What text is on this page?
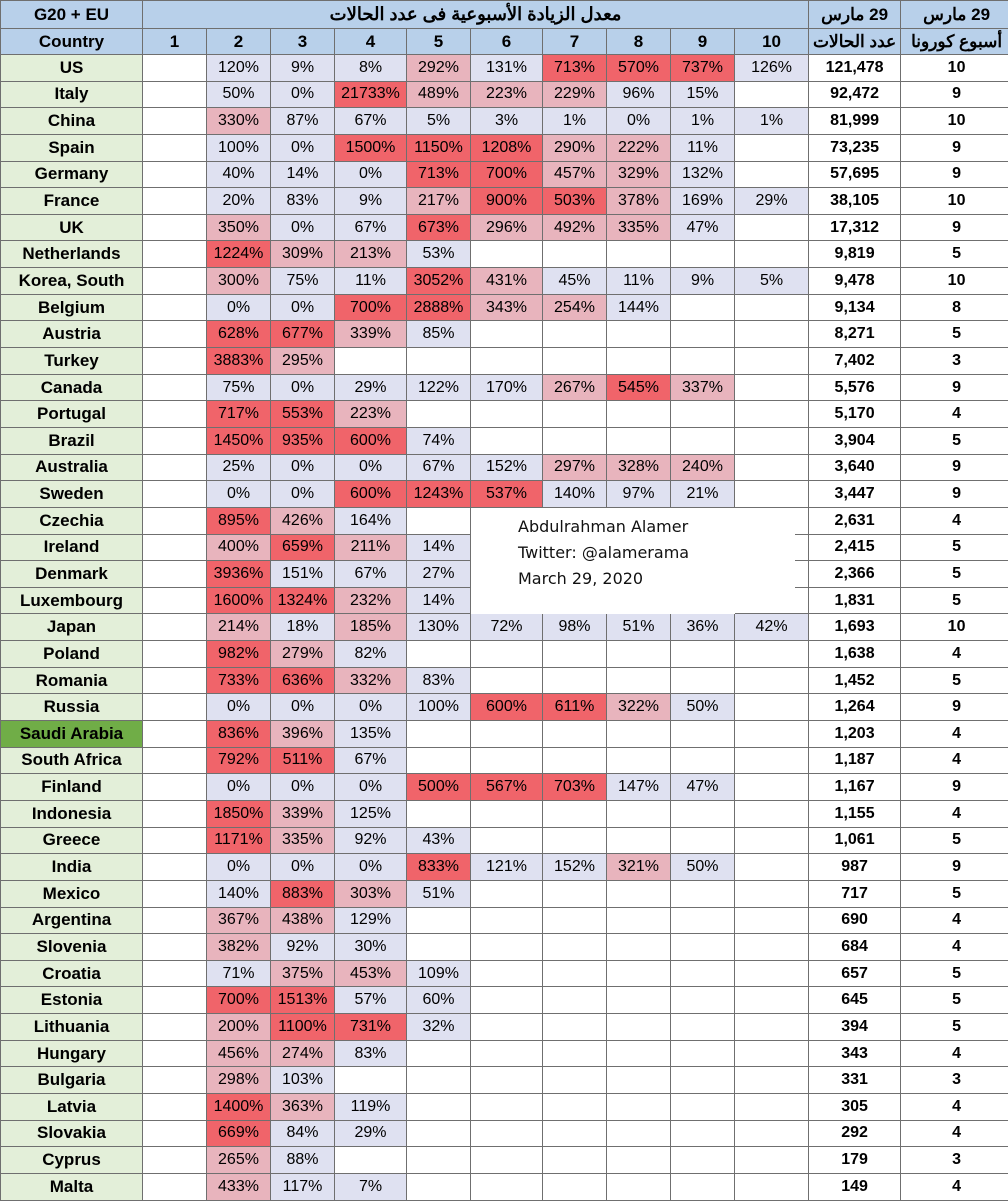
G20 + EU	معدل الزيادة الأسبوعية فى عدد الحالات										29 مارس	29 مارس
Country	1	2	3	4	5	6	7	8	9	10	عدد الحالات	أسبوع كورونا
US		120%	9%	8%	292%	131%	713%	570%	737%	126%	121,478	10
Italy		50%	0%	21733%	489%	223%	229%	96%	15%		92,472	9
China		330%	87%	67%	5%	3%	1%	0%	1%	1%	81,999	10
Spain		100%	0%	1500%	1150%	1208%	290%	222%	11%		73,235	9
Germany		40%	14%	0%	713%	700%	457%	329%	132%		57,695	9
France		20%	83%	9%	217%	900%	503%	378%	169%	29%	38,105	10
UK		350%	0%	67%	673%	296%	492%	335%	47%		17,312	9
Netherlands		1224%	309%	213%	53%						9,819	5
Korea, South		300%	75%	11%	3052%	431%	45%	11%	9%	5%	9,478	10
Belgium		0%	0%	700%	2888%	343%	254%	144%			9,134	8
Austria		628%	677%	339%	85%						8,271	5
Turkey		3883%	295%								7,402	3
Canada		75%	0%	29%	122%	170%	267%	545%	337%		5,576	9
Portugal		717%	553%	223%							5,170	4
Brazil		1450%	935%	600%	74%						3,904	5
Australia		25%	0%	0%	67%	152%	297%	328%	240%		3,640	9
Sweden		0%	0%	600%	1243%	537%	140%	97%	21%		3,447	9
Czechia		895%	426%	164%							2,631	4
Ireland		400%	659%	211%	14%						2,415	5
Denmark		3936%	151%	67%	27%						2,366	5
Luxembourg		1600%	1324%	232%	14%						1,831	5
Japan		214%	18%	185%	130%	72%	98%	51%	36%	42%	1,693	10
Poland		982%	279%	82%							1,638	4
Romania		733%	636%	332%	83%						1,452	5
Russia		0%	0%	0%	100%	600%	611%	322%	50%		1,264	9
Saudi Arabia		836%	396%	135%							1,203	4
South Africa		792%	511%	67%							1,187	4
Finland		0%	0%	0%	500%	567%	703%	147%	47%		1,167	9
Indonesia		1850%	339%	125%							1,155	4
Greece		1171%	335%	92%	43%						1,061	5
India		0%	0%	0%	833%	121%	152%	321%	50%		987	9
Mexico		140%	883%	303%	51%						717	5
Argentina		367%	438%	129%							690	4
Slovenia		382%	92%	30%							684	4
Croatia		71%	375%	453%	109%						657	5
Estonia		700%	1513%	57%	60%						645	5
Lithuania		200%	1100%	731%	32%						394	5
Hungary		456%	274%	83%							343	4
Bulgaria		298%	103%								331	3
Latvia		1400%	363%	119%							305	4
Slovakia		669%	84%	29%							292	4
Cyprus		265%	88%								179	3
Malta		433%	117%	7%							149	4
Abdulrahman Alamer
Twitter: @alamerama
March 29, 2020
